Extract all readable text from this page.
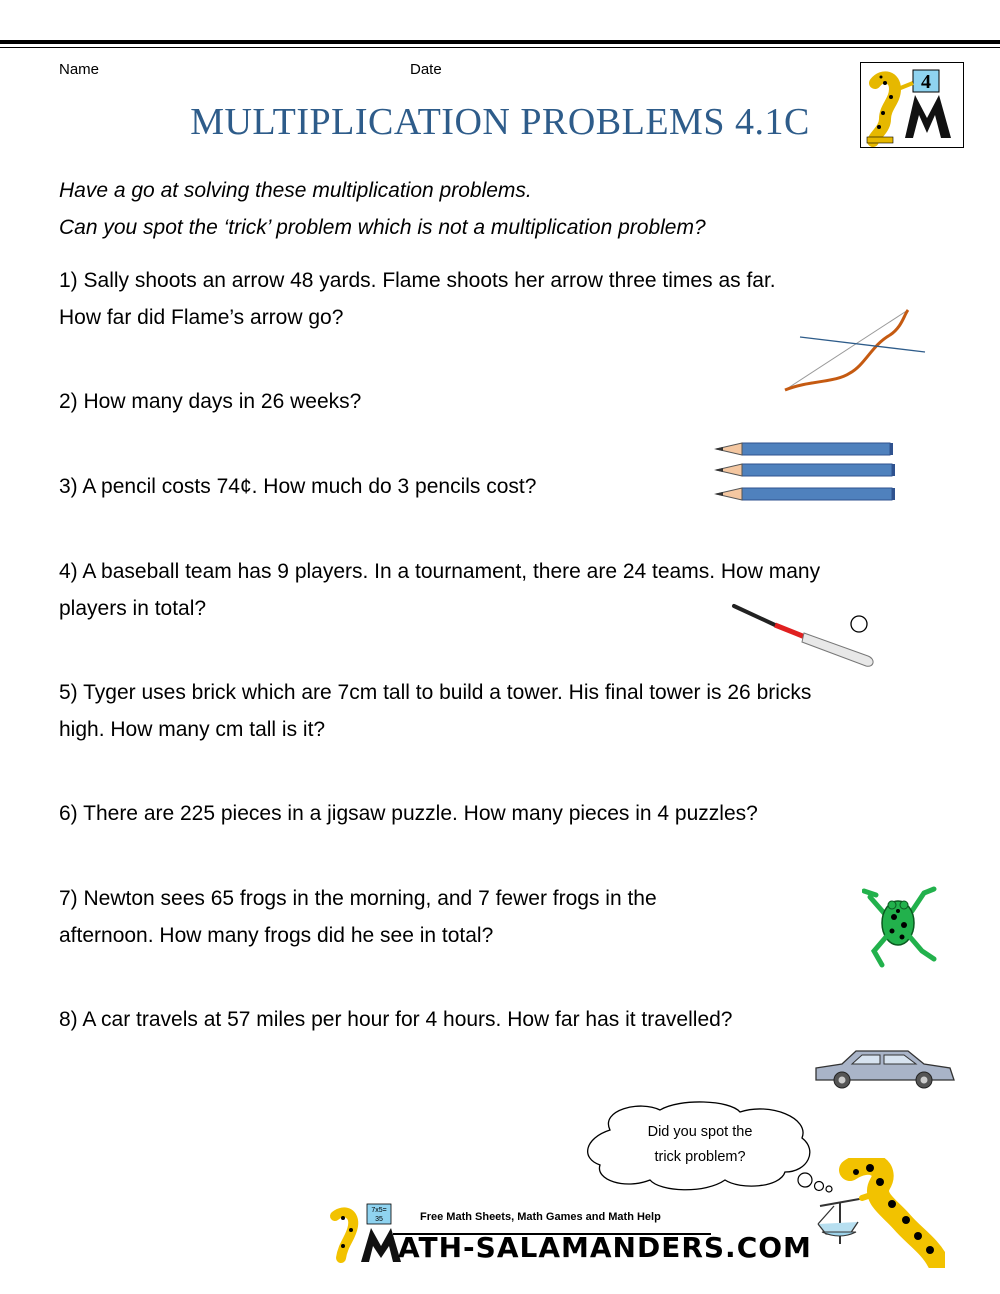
Name	Date
4
MULTIPLICATION PROBLEMS 4.1C
Have a go at solving these multiplication problems.
Can you spot the ‘trick’ problem which is not a multiplication problem?
1) Sally shoots an arrow 48 yards. Flame shoots her arrow three times as far.
How far did Flame’s arrow go?
2) How many days in 26 weeks?
3) A pencil costs 74¢. How much do 3 pencils cost?
4) A baseball team has 9 players. In a tournament, there are 24 teams. How many
players in total?
5) Tyger uses brick which are 7cm tall to build a tower. His final tower is 26 bricks
high. How many cm tall is it?
6) There are 225 pieces in a jigsaw puzzle. How many pieces in 4 puzzles?
7) Newton sees 65 frogs in the morning, and 7 fewer frogs in the
afternoon. How many frogs did he see in total?
8) A car travels at 57 miles per hour for 4 hours. How far has it travelled?
Did you spot the
trick problem?
7x5=
35	Free Math Sheets, Math Games and Math Help
ATH-SALAMANDERS.COM
